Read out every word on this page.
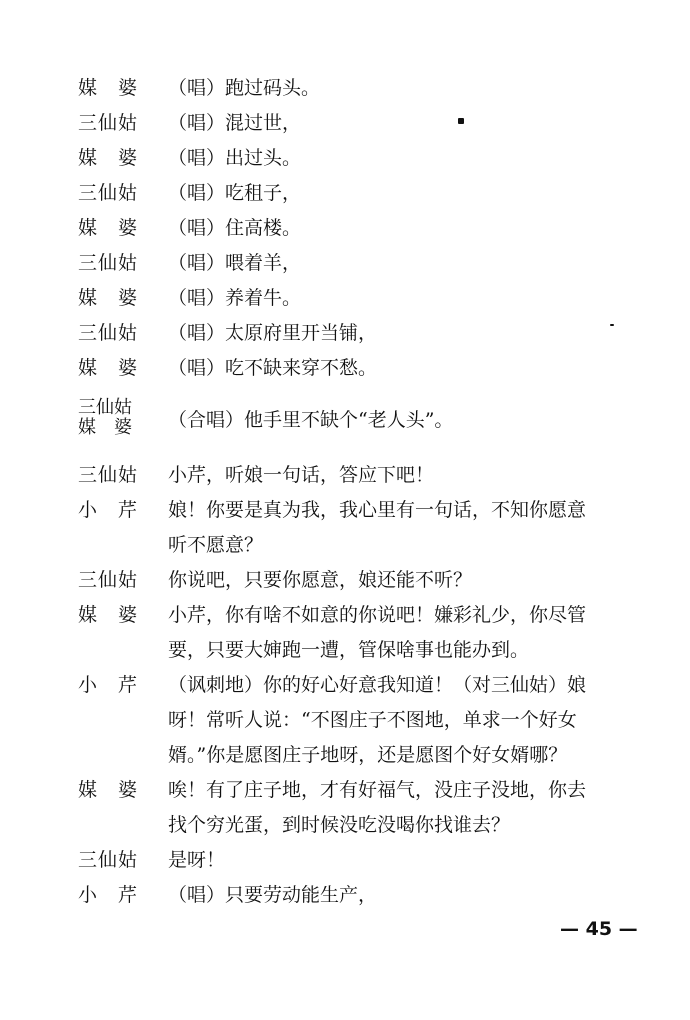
媒　婆	（唱）跑过码头。
三仙姑	（唱）混过世，
媒　婆	（唱）出过头。
三仙姑	（唱）吃租子，
媒　婆	（唱）住高楼。
三仙姑	（唱）喂着羊，
媒　婆	（唱）养着牛。
三仙姑	（唱）太原府里开当铺，
媒　婆	（唱）吃不缺来穿不愁。
三仙姑
媒　婆	（合唱）他手里不缺个“老人头”。
三仙姑	小芹，听娘一句话，答应下吧！
小　芹	娘！你要是真为我，我心里有一句话，不知你愿意
听不愿意？
三仙姑	你说吧，只要你愿意，娘还能不听？
媒　婆	小芹，你有啥不如意的你说吧！嫌彩礼少，你尽管
要，只要大婶跑一遭，管保啥事也能办到。
小　芹	（讽刺地）你的好心好意我知道！（对三仙姑）娘
呀！常听人说：“不图庄子不图地，单求一个好女
婿。”你是愿图庄子地呀，还是愿图个好女婿哪？
媒　婆	唉！有了庄子地，才有好福气，没庄子没地，你去
找个穷光蛋，到时候没吃没喝你找谁去？
三仙姑	是呀！
小　芹	（唱）只要劳动能生产，
— 45 —
